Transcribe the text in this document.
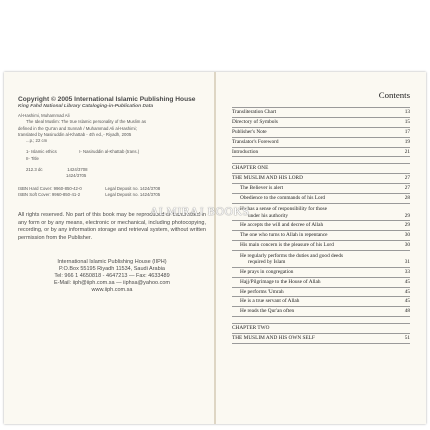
Copyright © 2005 International Islamic Publishing House

King Fahd National Library Cataloging-in-Publication Data

Al-Hashimi, Muhammad Ali
The Ideal Muslim: The true Islamic personality of the Muslim as
defined in the Qur'an and Sunnah / Muhammad Ali al-Hashimi;
translated by Nasiruddin al-Khattab - 4th ed.,- Riyadh, 2005
...p.; 22 cm
1- Islamic ethics	I- Nasiruddin al-Khattab (trans.)
II- Title
212.3 dc	1424/3708
1424/3705
ISBN Hard Cover: 9960-850-42-0	Legal Deposit no. 1424/3708
ISBN Soft Cover: 9960-850-41-2	Legal Deposit no. 1424/3705
All rights reserved. No part of this book may be reproduced or transmitted in any form or by any means, electronic or mechanical, including photocopying, recording, or by any information storage and retrieval system, without written permission from the Publisher.
International Islamic Publishing House (IIPH)
P.O.Box 55195 Riyadh 11534, Saudi Arabia
Tel: 966 1 4650818 - 4647213 — Fax: 4633489
E-Mail: iiph@iiph.com.sa — iiphsa@yahoo.com
www.iiph.com.sa
Contents
Transliteration Chart	13
Directory of Symbols	15
Publisher's Note	17
Translator's Foreword	19
Introduction	21
CHAPTER ONE
THE MUSLIM AND HIS LORD	27
The Believer is alert	27
Obedience to the commands of his Lord	28
He has a sense of responsibility for those
under his authority	29
He accepts the will and decree of Allah	29
The one who turns to Allah in repentance	30
His main concern is the pleasure of his Lord	30
He regularly performs the duties and good deeds
required by Islam	31
He prays in congregation	33
Hajj/Pilgrimage to the House of Allah	45
He performs 'Umrah	45
He is a true servant of Allah	45
He reads the Qur'an often	48
CHAPTER TWO
THE MUSLIM AND HIS OWN SELF	51
ALMIRAJ BOOKS
